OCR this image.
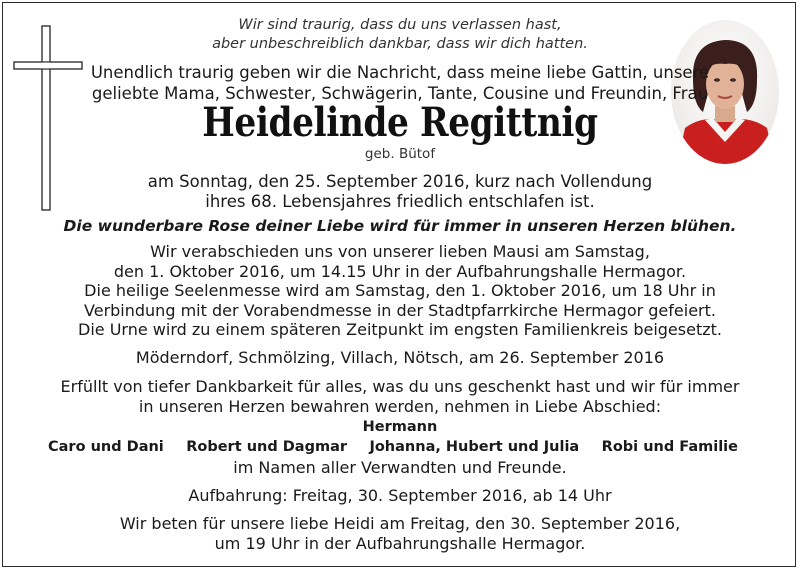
Wir sind traurig, dass du uns verlassen hast,
aber unbeschreiblich dankbar, dass wir dich hatten.
Unendlich traurig geben wir die Nachricht, dass meine liebe Gattin, unsere
geliebte Mama, Schwester, Schwägerin, Tante, Cousine und Freundin, Frau
Heidelinde Regittnig
geb. Bütof
am Sonntag, den 25. September 2016, kurz nach Vollendung
ihres 68. Lebensjahres friedlich entschlafen ist.
Die wunderbare Rose deiner Liebe wird für immer in unseren Herzen blühen.
Wir verabschieden uns von unserer lieben Mausi am Samstag,
den 1. Oktober 2016, um 14.15 Uhr in der Aufbahrungshalle Hermagor.
Die heilige Seelenmesse wird am Samstag, den 1. Oktober 2016, um 18 Uhr in
Verbindung mit der Vorabendmesse in der Stadtpfarrkirche Hermagor gefeiert.
Die Urne wird zu einem späteren Zeitpunkt im engsten Familienkreis beigesetzt.
Möderndorf, Schmölzing, Villach, Nötsch, am 26. September 2016
Erfüllt von tiefer Dankbarkeit für alles, was du uns geschenkt hast und wir für immer
in unseren Herzen bewahren werden, nehmen in Liebe Abschied:
Hermann
Caro und Dani Robert und Dagmar Johanna, Hubert und Julia Robi und Familie
im Namen aller Verwandten und Freunde.
Aufbahrung: Freitag, 30. September 2016, ab 14 Uhr
Wir beten für unsere liebe Heidi am Freitag, den 30. September 2016,
um 19 Uhr in der Aufbahrungshalle Hermagor.
